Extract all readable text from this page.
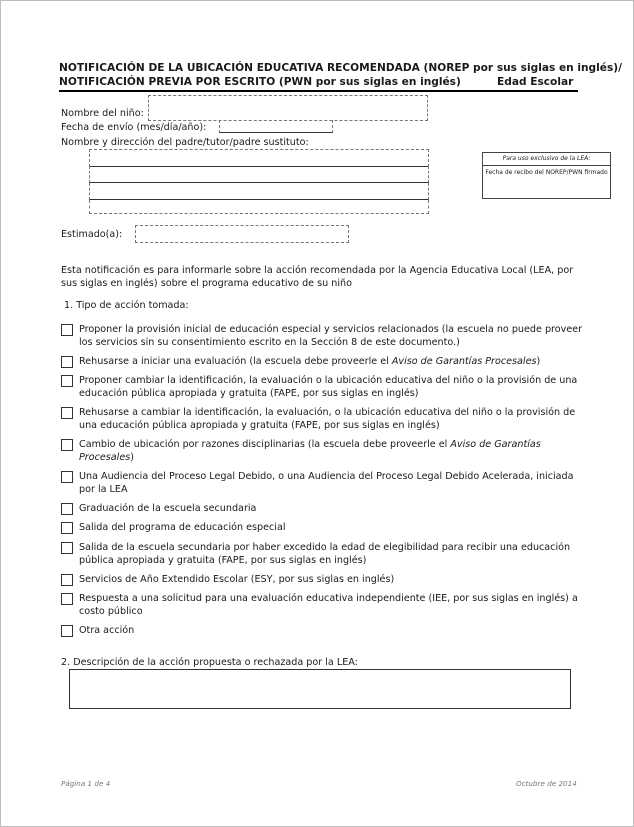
NOTIFICACIÓN DE LA UBICACIÓN EDUCATIVA RECOMENDADA (NOREP por sus siglas en inglés)/
NOTIFICACIÓN PREVIA POR ESCRITO (PWN por sus siglas en inglés)	Edad Escolar
Nombre del niño:
Fecha de envío (mes/día/año):
Nombre y dirección del padre/tutor/padre sustituto:
Para uso exclusivo de la LEA:
Fecha de recibo del NOREP/PWN firmado
Estimado(a):
Esta notificación es para informarle sobre la acción recomendada por la Agencia Educativa Local (LEA, por sus siglas en inglés) sobre el programa educativo de su niño
1. Tipo de acción tomada:
Proponer la provisión inicial de educación especial y servicios relacionados (la escuela no puede proveer los servicios sin su consentimiento escrito en la Sección 8 de este documento.)
Rehusarse a iniciar una evaluación (la escuela debe proveerle el Aviso de Garantías Procesales)
Proponer cambiar la identificación, la evaluación o la ubicación educativa del niño o la provisión de una educación pública apropiada y gratuita (FAPE, por sus siglas en inglés)
Rehusarse a cambiar la identificación, la evaluación, o la ubicación educativa del niño o la provisión de una educación pública apropiada y gratuita (FAPE, por sus siglas en inglés)
Cambio de ubicación por razones disciplinarias (la escuela debe proveerle el Aviso de Garantías Procesales)
Una Audiencia del Proceso Legal Debido, o una Audiencia del Proceso Legal Debido Acelerada, iniciada por la LEA
Graduación de la escuela secundaria
Salida del programa de educación especial
Salida de la escuela secundaria por haber excedido la edad de elegibilidad para recibir una educación pública apropiada y gratuita (FAPE, por sus siglas en inglés)
Servicios de Año Extendido Escolar (ESY, por sus siglas en inglés)
Respuesta a una solicitud para una evaluación educativa independiente (IEE, por sus siglas en inglés) a costo público
Otra acción
2. Descripción de la acción propuesta o rechazada por la LEA:
Página 1 de 4	Octubre de 2014
